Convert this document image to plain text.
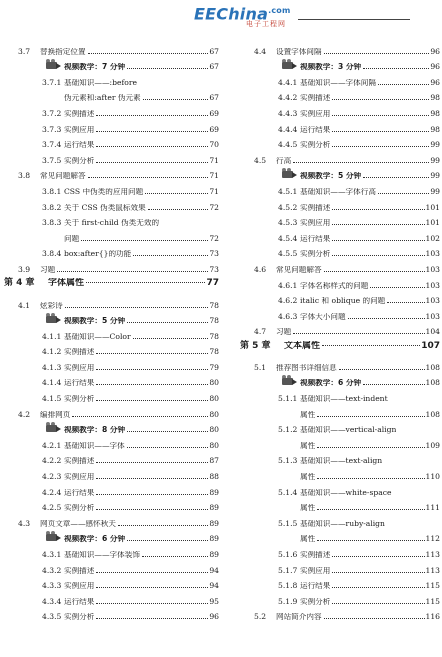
EEChina$^{.com}$
电子工程网
3.7	替换指定位置	67
视频教学：7 分钟	67
3.7.1 基础知识——:before
伪元素和:after 伪元素	67
3.7.2 实例描述	69
3.7.3 实例应用	69
3.7.4 运行结果	70
3.7.5 实例分析	71
3.8	常见问题解答	71
3.8.1 CSS 中伪类的应用问题	71
3.8.2 关于 CSS 伪类鼠标效果	72
3.8.3 关于 first-child 伪类无效的
问题	72
3.8.4 box:after{}的功能	73
3.9	习题	73
第 4 章	字体属性	77
4.1	炫彩诗	78
视频教学：5 分钟	78
4.1.1 基础知识——Color	78
4.1.2 实例描述	78
4.1.3 实例应用	79
4.1.4 运行结果	80
4.1.5 实例分析	80
4.2	编排网页	80
视频教学：8 分钟	80
4.2.1 基础知识——字体	80
4.2.2 实例描述	87
4.2.3 实例应用	88
4.2.4 运行结果	89
4.2.5 实例分析	89
4.3	网页文章——感怀秋天	89
视频教学：6 分钟	89
4.3.1 基础知识——字体装饰	89
4.3.2 实例描述	94
4.3.3 实例应用	94
4.3.4 运行结果	95
4.3.5 实例分析	96
4.4	设置字体间隔	96
视频教学：3 分钟	96
4.4.1 基础知识——字体间隔	96
4.4.2 实例描述	98
4.4.3 实例应用	98
4.4.4 运行结果	98
4.4.5 实例分析	99
4.5	行高	99
视频教学：5 分钟	99
4.5.1 基础知识——字体行高	99
4.5.2 实例描述	101
4.5.3 实例应用	101
4.5.4 运行结果	102
4.5.5 实例分析	103
4.6	常见问题解答	103
4.6.1 字体名称样式的问题	103
4.6.2 italic 和 oblique 的问题	103
4.6.3 字体大小问题	103
4.7	习题	104
第 5 章	文本属性	107
5.1	推荐图书详细信息	108
视频教学：6 分钟	108
5.1.1 基础知识——text-indent
属性	108
5.1.2 基础知识——vertical-align
属性	109
5.1.3 基础知识——text-align
属性	110
5.1.4 基础知识——white-space
属性	111
5.1.5 基础知识——ruby-align
属性	112
5.1.6 实例描述	113
5.1.7 实例应用	113
5.1.8 运行结果	115
5.1.9 实例分析	115
5.2	网站简介内容	116
